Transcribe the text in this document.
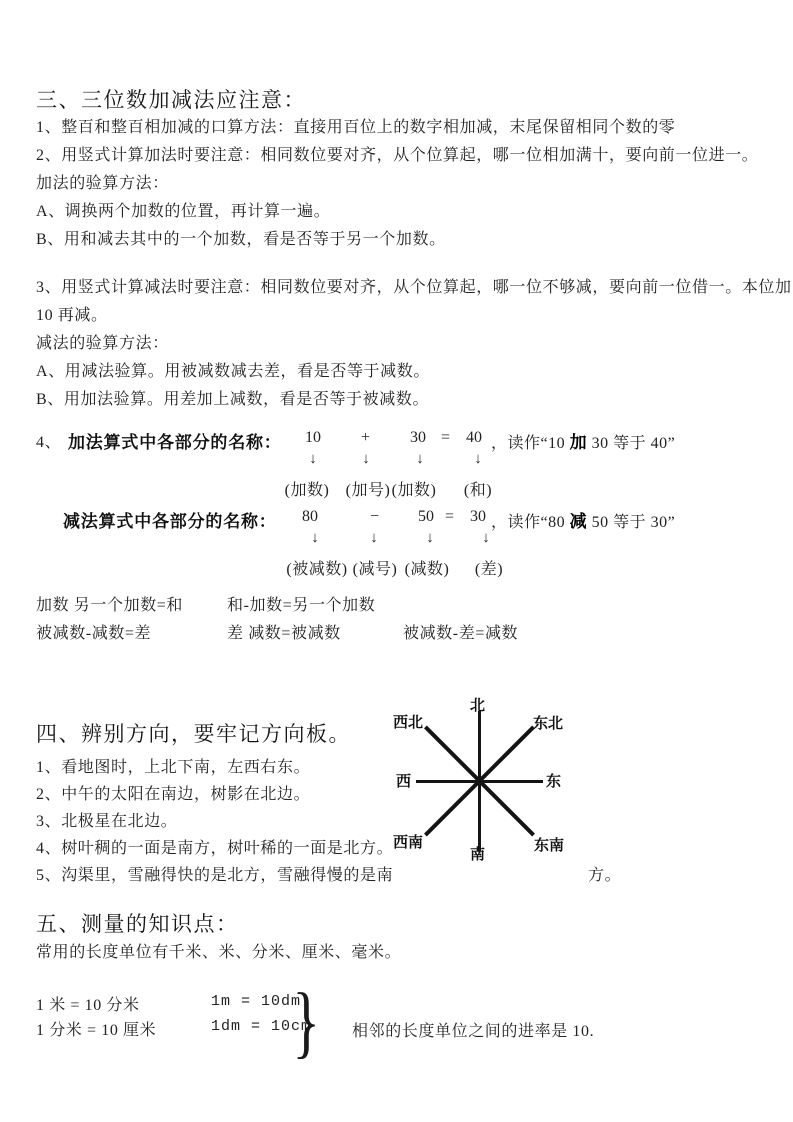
三、三位数加减法应注意：
1、整百和整百相加减的口算方法：直接用百位上的数字相加减，末尾保留相同个数的零
2、用竖式计算加法时要注意：相同数位要对齐，从个位算起，哪一位相加满十，要向前一位进一。
加法的验算方法：
A、调换两个加数的位置，再计算一遍。
B、用和减去其中的一个加数，看是否等于另一个加数。
3、用竖式计算减法时要注意：相同数位要对齐，从个位算起，哪一位不够减，要向前一位借一。本位加
10 再减。
减法的验算方法：
A、用减法验算。用被减数减去差，看是否等于减数。
B、用加法验算。用差加上减数，看是否等于被减数。
4、 加法算式中各部分的名称： 10	+ 30 = 40 ，读作“10 加 30 等于 40”
↓	↓	↓	↓
(加数) (加号) (加数) (和)
减法算式中各部分的名称： 80	− 50 = 30 ，读作“80 减 50 等于 30”
↓	↓	↓	↓
(被减数) (减号) (减数) (差)
加数 另一个加数=和	和-加数=另一个加数
被减数-减数=差	差 减数=被减数	被减数-差=减数
四、辨别方向，要牢记方向板。
1、看地图时，上北下南，左西右东。
2、中午的太阳在南边，树影在北边。
3、北极星在北边。
4、树叶稠的一面是南方，树叶稀的一面是北方。
5、沟渠里，雪融得快的是北方，雪融得慢的是南	方。
北
西北	东北
西	东
西南	东南
南
五、测量的知识点：
常用的长度单位有千米、米、分米、厘米、毫米。
1 米 = 10 分米
1 分米 = 10 厘米
1m = 10dm
1dm = 10cm
} 相邻的长度单位之间的进率是 10.
